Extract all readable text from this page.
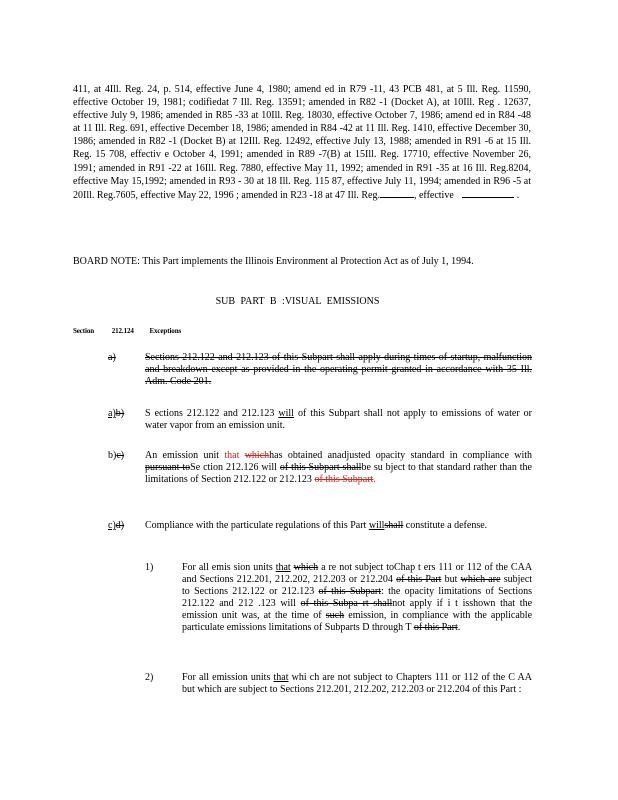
411, at 4Ill. Reg. 24, p. 514, effective June 4, 1980; amend ed in R79 -11, 43 PCB 481, at 5 Ill. Reg. 11590, effective October 19, 1981; codifiedat 7 Ill. Reg. 13591; amended in R82 -1 (Docket A), at 10Ill. Reg . 12637, effective July 9, 1986; amended in R85 -33 at 10Ill. Reg. 18030, effective October 7, 1986; amend ed in R84 -48 at 11 Ill. Reg. 691, effective December 18, 1986; amended in R84 -42 at 11 Ill. Reg. 1410, effective December 30, 1986; amended in R82 -1 (Docket B) at 12Ill. Reg. 12492, effective July 13, 1988; amended in R91 -6 at 15 Ill. Reg. 15 708, effectiv e October 4, 1991; amended in R89 -7(B) at 15Ill. Reg. 17710, effective November 26, 1991; amended in R91 -22 at 16Ill. Reg. 7880, effective May 11, 1992; amended in R91 -35 at 16 Ill. Reg.8204, effective May 15,1992; amended in R93 - 30 at 18 Ill. Reg. 115 87, effective July 11, 1994; amended in R96 -5 at 20Ill. Reg.7605, effective May 22, 1996 ; amended in R23 -18 at 47 Ill. Reg.	, effective	.
BOARD NOTE: This Part implements the Illinois Environment al Protection Act as of July 1, 1994.
SUB PART B :VISUAL EMISSIONS
Section	212.124 Exceptions
a)	Sections 212.122 and 212.123 of this Subpart shall apply during times of startup, malfunction and breakdown except as provided in the operating permit granted in accordance with 35 Ill. Adm. Code 201.
a)b) S ections 212.122 and 212.123 will of this Subpart shall not apply to emissions of water or water vapor from an emission unit.
b)c) An emission unit that whichhas obtained anadjusted opacity standard in compliance with pursuant toSe ction 212.126 will of this Subpart shallbe su bject to that standard rather than the limitations of Section 212.122 or 212.123 of this Subpart.
c)d) Compliance with the particulate regulations of this Part willshall constitute a defense.
1)	For all emis sion units that which a re not subject toChap t ers 111 or 112 of the CAA and Sections 212.201, 212.202, 212.203 or 212.204 of this Part but which are subject to Sections 212.122 or 212.123 of this Subpart: the opacity limitations of Sections 212.122 and 212 .123 will of this Subpa rt shallnot apply if i t isshown that the emission unit was, at the time of such emission, in compliance with the applicable particulate emissions limitations of Subparts D through T of this Part.
2)	For all emission units that whi ch are not subject to Chapters 111 or 112 of the C AA but which are subject to Sections 212.201, 212.202, 212.203 or 212.204 of this Part :
